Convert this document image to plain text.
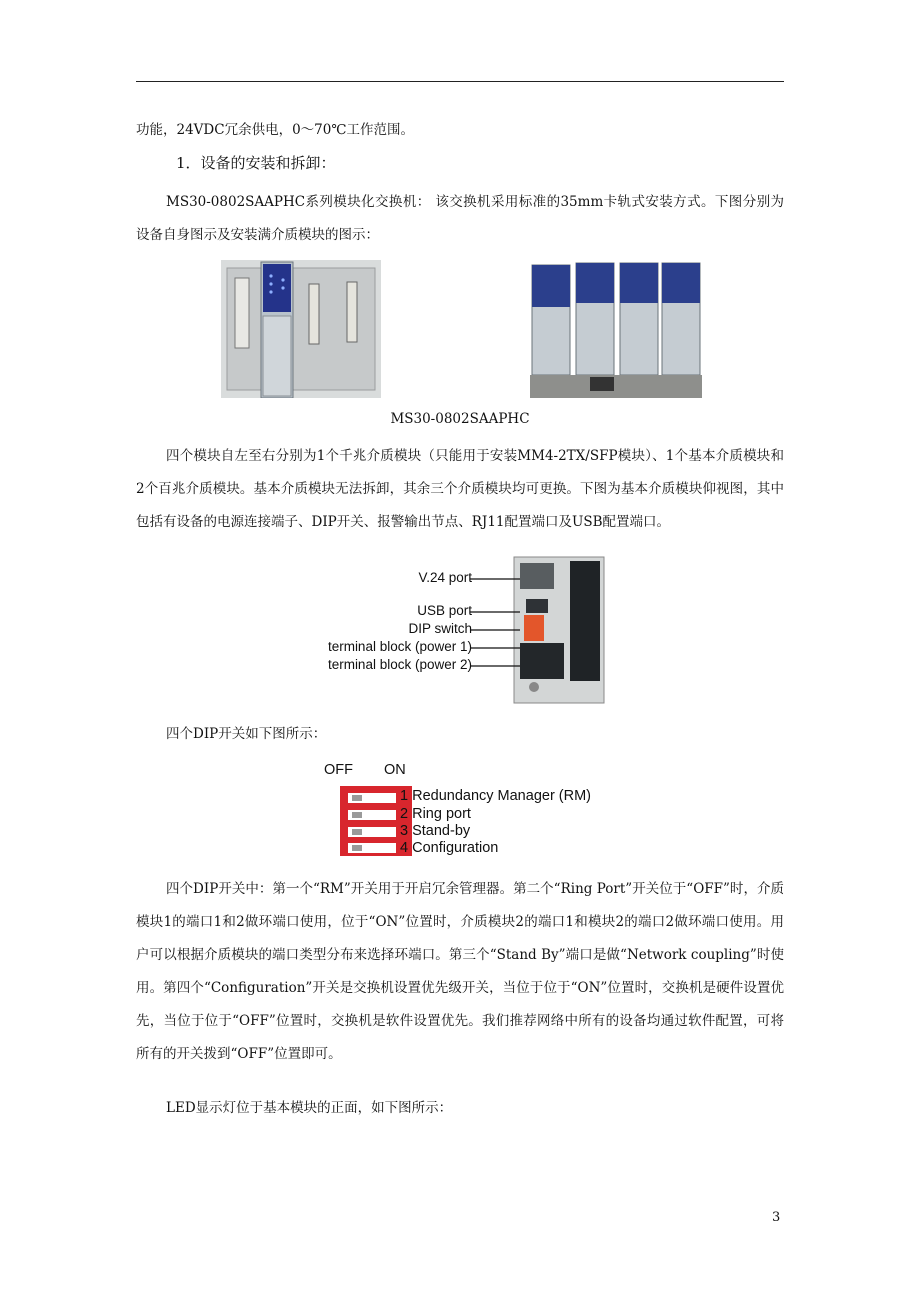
功能，24VDC冗余供电，0～70℃工作范围。

1．设备的安装和拆卸：

MS30-0802SAAPHC系列模块化交换机： 该交换机采用标准的35mm卡轨式安装方式。下图分别为设备自身图示及安装满介质模块的图示：

MS30-0802SAAPHC

四个模块自左至右分别为1个千兆介质模块（只能用于安装MM4-2TX/SFP模块）、1个基本介质模块和2个百兆介质模块。基本介质模块无法拆卸，其余三个介质模块均可更换。下图为基本介质模块仰视图，其中包括有设备的电源连接端子、DIP开关、报警输出节点、RJ11配置端口及USB配置端口。

V.24 port
USB port
DIP switch
terminal block (power 1)
terminal block (power 2)

四个DIP开关如下图所示：

OFF ON
1 Redundancy Manager (RM)
2 Ring port
3 Stand-by
4 Configuration

四个DIP开关中：第一个“RM”开关用于开启冗余管理器。第二个“Ring Port”开关位于“OFF”时，介质模块1的端口1和2做环端口使用，位于“ON”位置时，介质模块2的端口1和模块2的端口2做环端口使用。用户可以根据介质模块的端口类型分布来选择环端口。第三个“Stand By”端口是做“Network coupling”时使用。第四个“Configuration”开关是交换机设置优先级开关，当位于位于“ON”位置时，交换机是硬件设置优先，当位于位于“OFF”位置时，交换机是软件设置优先。我们推荐网络中所有的设备均通过软件配置，可将所有的开关拨到“OFF”位置即可。

LED显示灯位于基本模块的正面，如下图所示：

3
